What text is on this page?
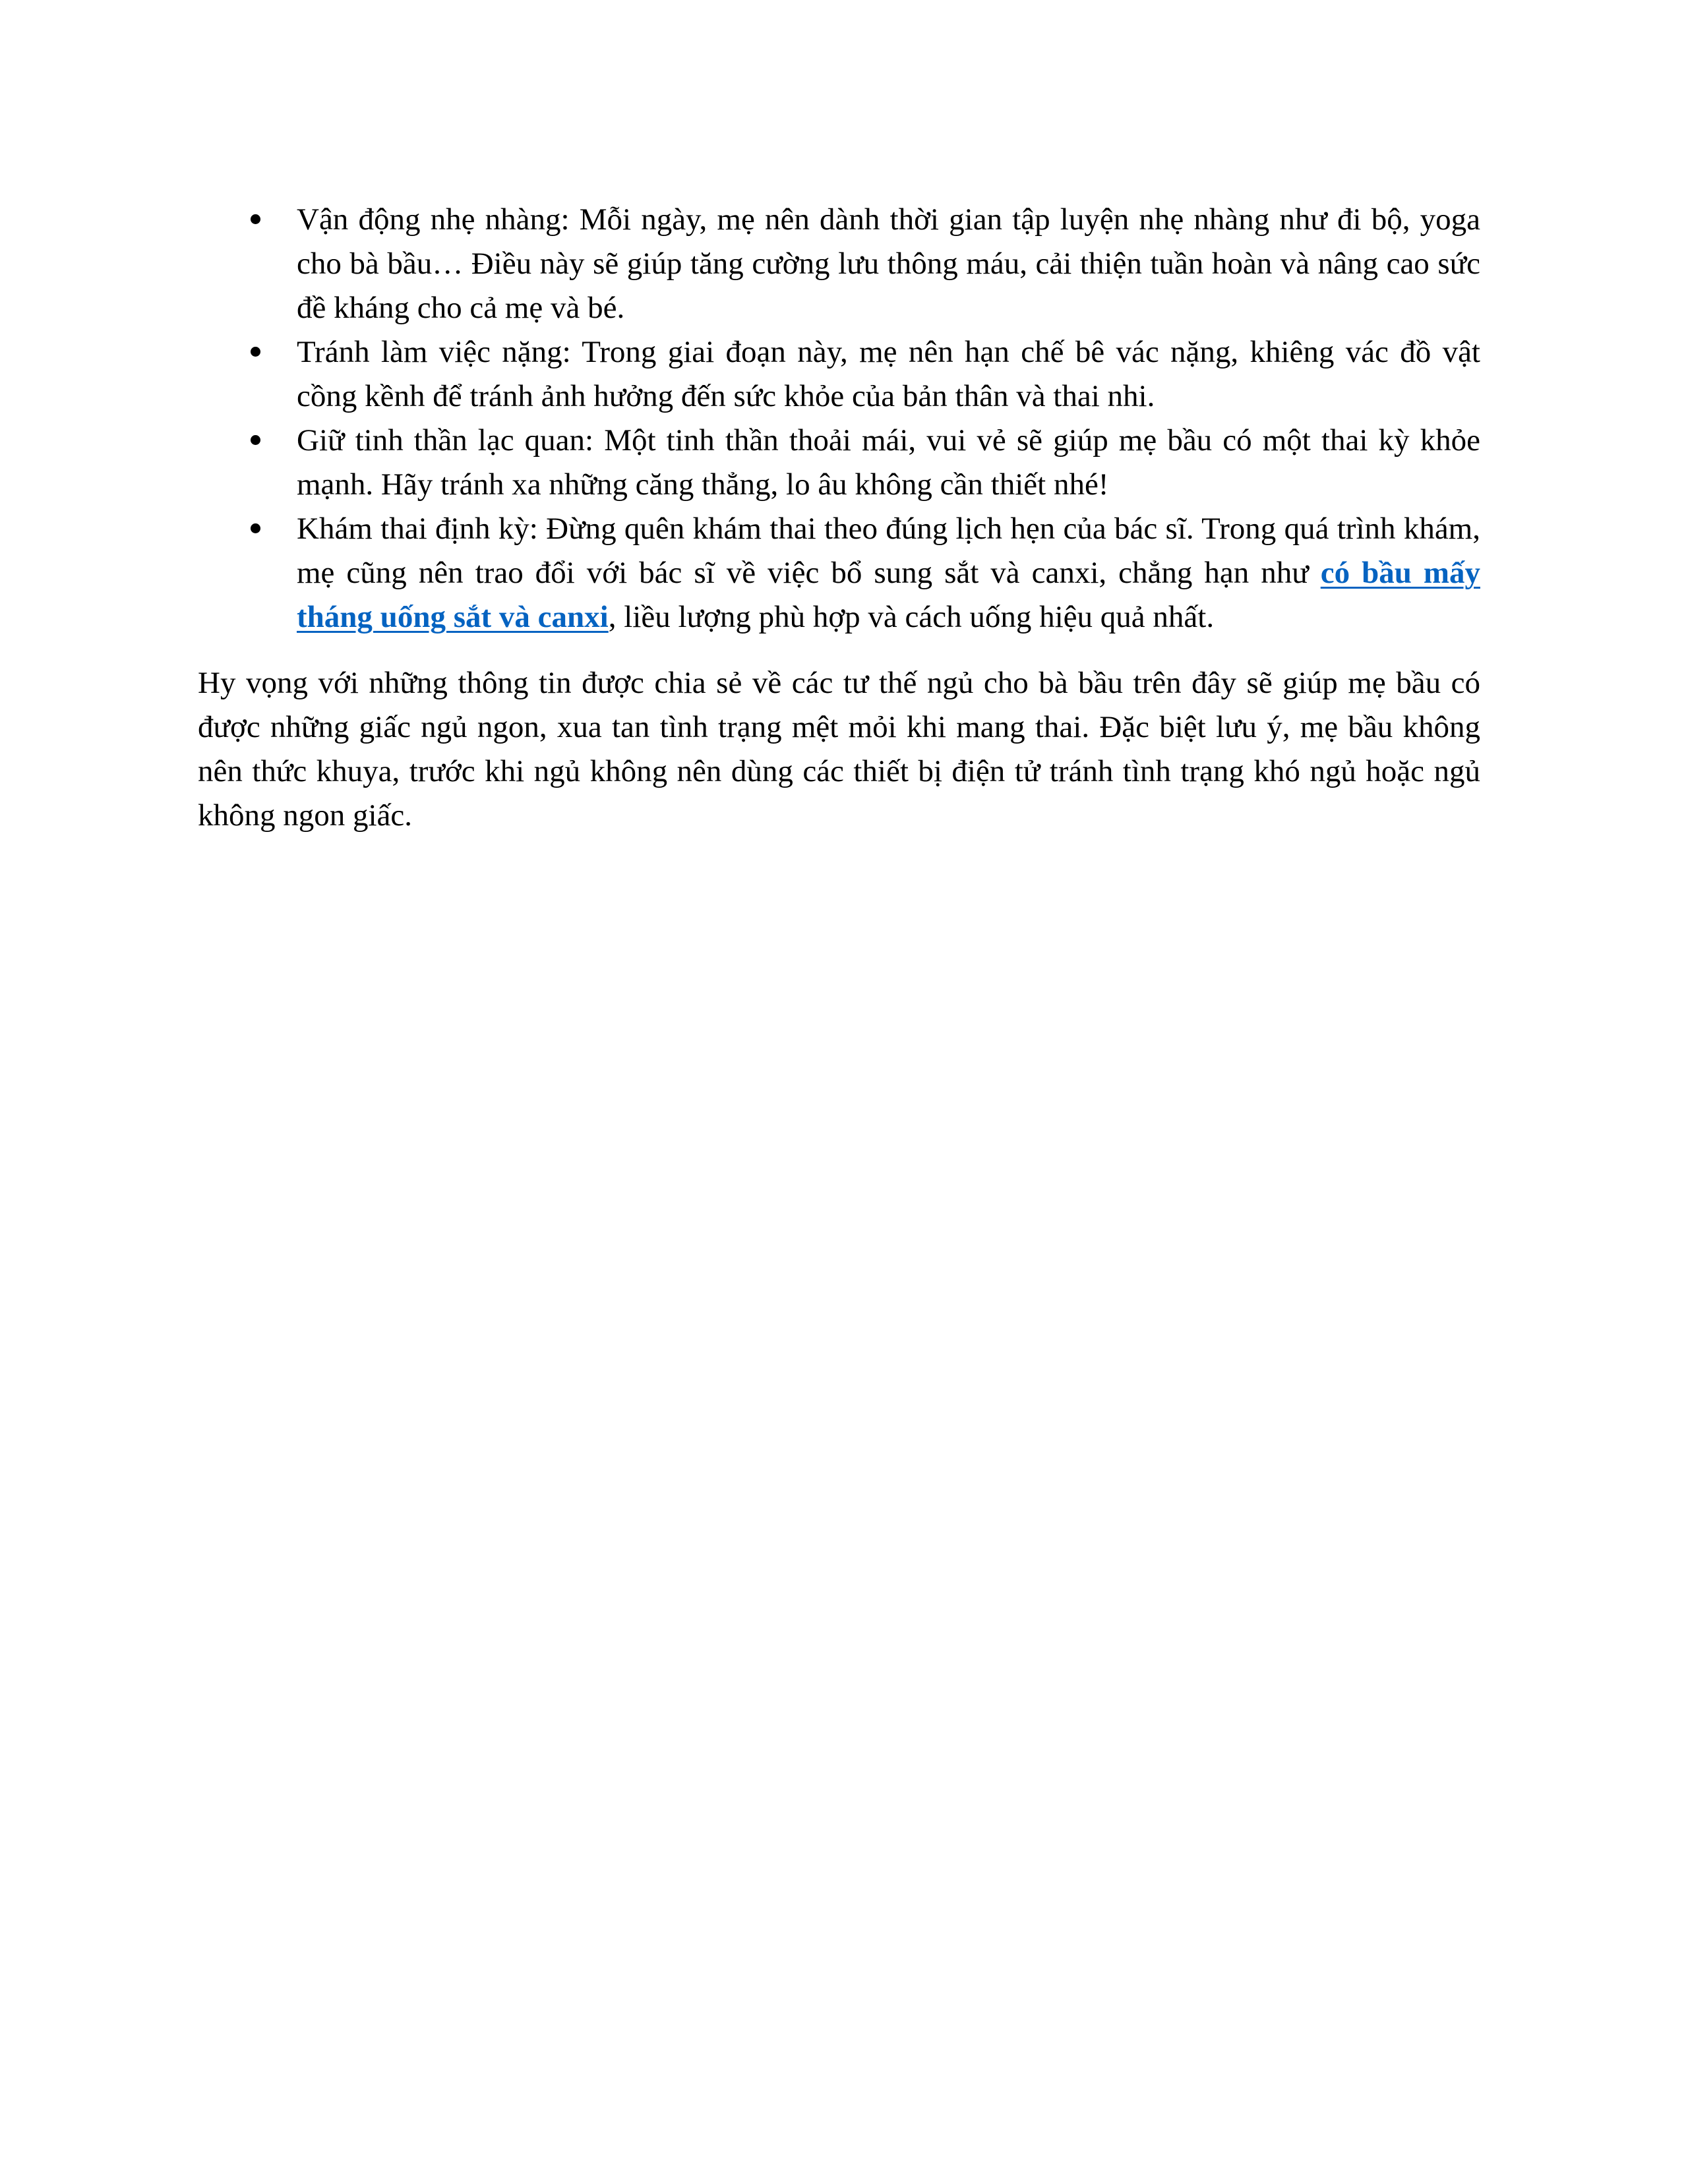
Vận động nhẹ nhàng: Mỗi ngày, mẹ nên dành thời gian tập luyện nhẹ nhàng như đi bộ, yoga cho bà bầu… Điều này sẽ giúp tăng cường lưu thông máu, cải thiện tuần hoàn và nâng cao sức đề kháng cho cả mẹ và bé.
Tránh làm việc nặng: Trong giai đoạn này, mẹ nên hạn chế bê vác nặng, khiêng vác đồ vật cồng kềnh để tránh ảnh hưởng đến sức khỏe của bản thân và thai nhi.
Giữ tinh thần lạc quan: Một tinh thần thoải mái, vui vẻ sẽ giúp mẹ bầu có một thai kỳ khỏe mạnh. Hãy tránh xa những căng thẳng, lo âu không cần thiết nhé!
Khám thai định kỳ: Đừng quên khám thai theo đúng lịch hẹn của bác sĩ. Trong quá trình khám, mẹ cũng nên trao đổi với bác sĩ về việc bổ sung sắt và canxi, chẳng hạn như có bầu mấy tháng uống sắt và canxi, liều lượng phù hợp và cách uống hiệu quả nhất.

Hy vọng với những thông tin được chia sẻ về các tư thế ngủ cho bà bầu trên đây sẽ giúp mẹ bầu có được những giấc ngủ ngon, xua tan tình trạng mệt mỏi khi mang thai. Đặc biệt lưu ý, mẹ bầu không nên thức khuya, trước khi ngủ không nên dùng các thiết bị điện tử tránh tình trạng khó ngủ hoặc ngủ không ngon giấc.
